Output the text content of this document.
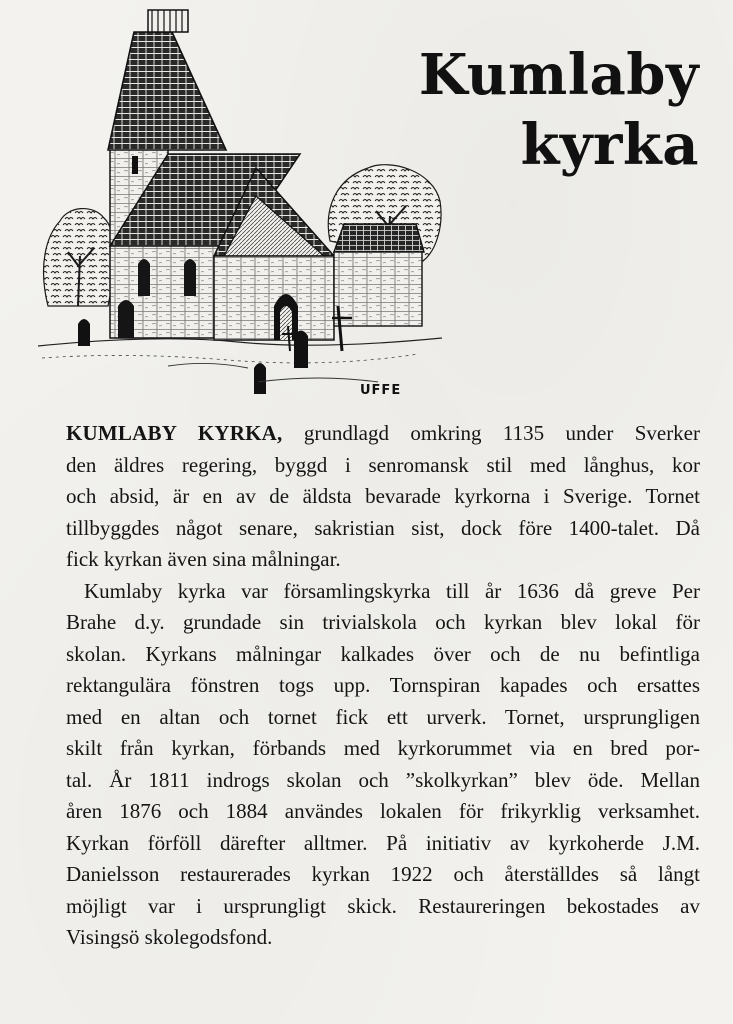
UFFE
Kumlaby
kyrka

KUMLABY KYRKA, grundlagd omkring 1135 under Sverker
den äldres regering, byggd i senromansk stil med långhus, kor
och absid, är en av de äldsta bevarade kyrkorna i Sverige. Tornet
tillbyggdes något senare, sakristian sist, dock före 1400-talet. Då
fick kyrkan även sina målningar.

Kumlaby kyrka var församlingskyrka till år 1636 då greve Per
Brahe d.y. grundade sin trivialskola och kyrkan blev lokal för
skolan. Kyrkans målningar kalkades över och de nu befintliga
rektangulära fönstren togs upp. Tornspiran kapades och ersattes
med en altan och tornet fick ett urverk. Tornet, ursprungligen
skilt från kyrkan, förbands med kyrkorummet via en bred por-
tal. År 1811 indrogs skolan och ”skolkyrkan” blev öde. Mellan
åren 1876 och 1884 användes lokalen för frikyrklig verksamhet.
Kyrkan förföll därefter alltmer. På initiativ av kyrkoherde J.M.
Danielsson restaurerades kyrkan 1922 och återställdes så långt
möjligt var i ursprungligt skick. Restaureringen bekostades av
Visingsö skolegodsfond.
